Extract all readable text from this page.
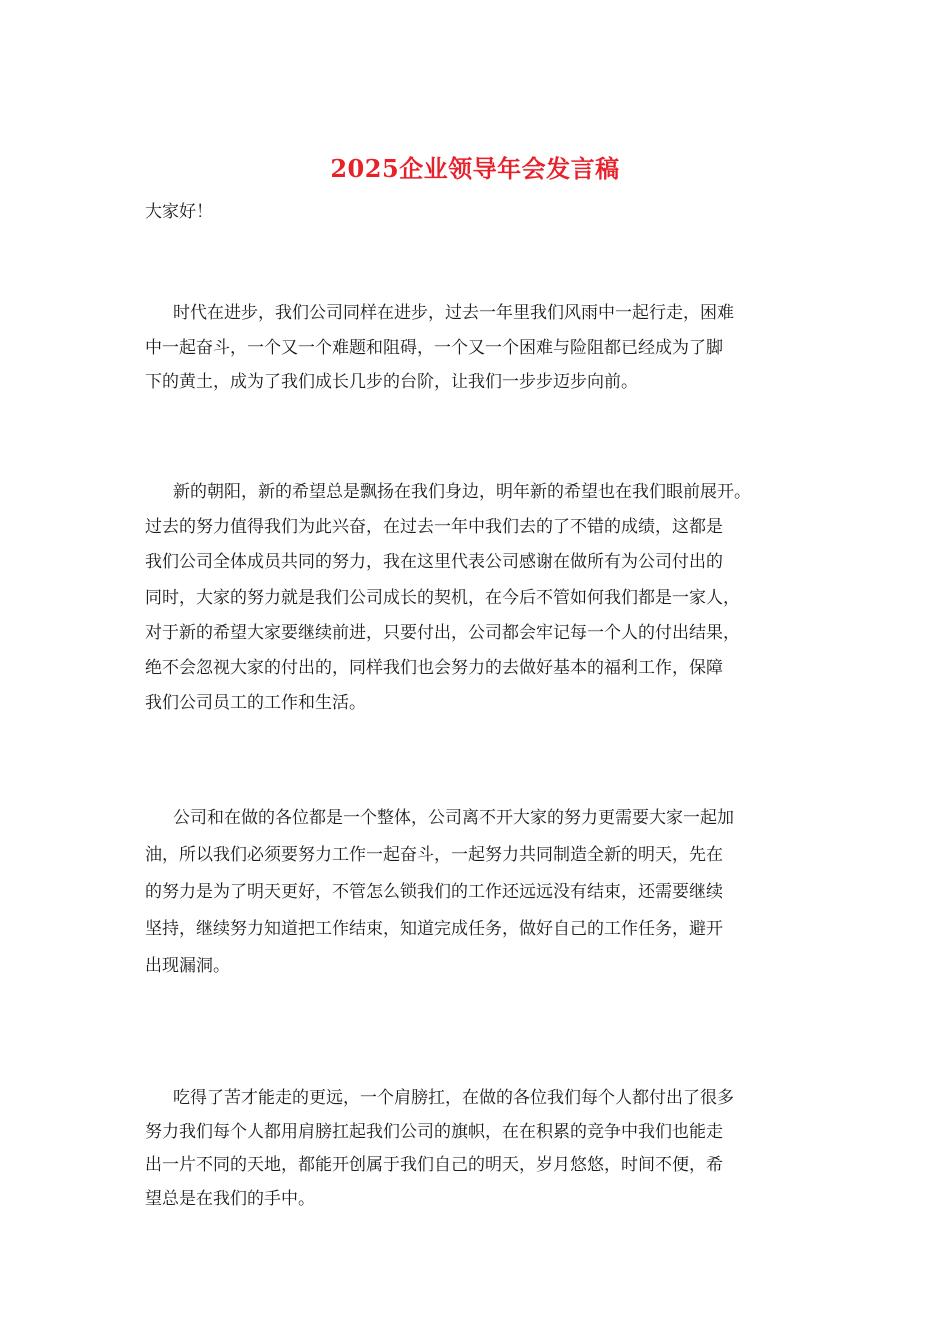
2025企业领导年会发言稿
大家好！
时代在进步，我们公司同样在进步，过去一年里我们风雨中一起行走，困难
中一起奋斗，一个又一个难题和阻碍，一个又一个困难与险阻都已经成为了脚
下的黄土，成为了我们成长几步的台阶，让我们一步步迈步向前。
新的朝阳，新的希望总是飘扬在我们身边，明年新的希望也在我们眼前展开。
过去的努力值得我们为此兴奋，在过去一年中我们去的了不错的成绩，这都是
我们公司全体成员共同的努力，我在这里代表公司感谢在做所有为公司付出的
同时，大家的努力就是我们公司成长的契机，在今后不管如何我们都是一家人，
对于新的希望大家要继续前进，只要付出，公司都会牢记每一个人的付出结果，
绝不会忽视大家的付出的，同样我们也会努力的去做好基本的福利工作，保障
我们公司员工的工作和生活。
公司和在做的各位都是一个整体，公司离不开大家的努力更需要大家一起加
油，所以我们必须要努力工作一起奋斗，一起努力共同制造全新的明天，先在
的努力是为了明天更好，不管怎么锁我们的工作还远远没有结束，还需要继续
坚持，继续努力知道把工作结束，知道完成任务，做好自己的工作任务，避开
出现漏洞。
吃得了苦才能走的更远，一个肩膀扛，在做的各位我们每个人都付出了很多
努力我们每个人都用肩膀扛起我们公司的旗帜，在在积累的竞争中我们也能走
出一片不同的天地，都能开创属于我们自己的明天，岁月悠悠，时间不便，希
望总是在我们的手中。
